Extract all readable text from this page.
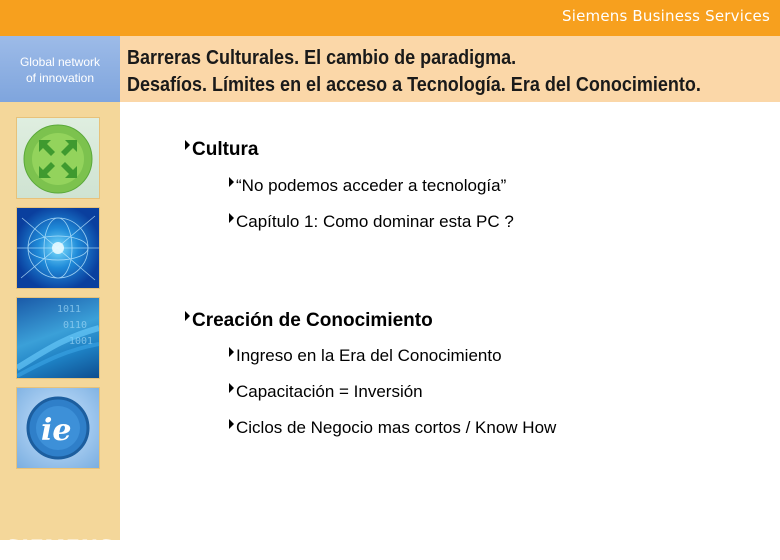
Siemens Business Services
Global network
of innovation
SIEMENS
1011
0110
1001
ie
Barreras Culturales. El cambio de paradigma.
Desafíos. Límites en el acceso a Tecnología. Era del Conocimiento.
Cultura
“No podemos acceder a tecnología”
Capítulo 1: Como dominar esta PC ?
Creación de Conocimiento
Ingreso en la Era del Conocimiento
Capacitación = Inversión
Ciclos de Negocio mas cortos / Know How
